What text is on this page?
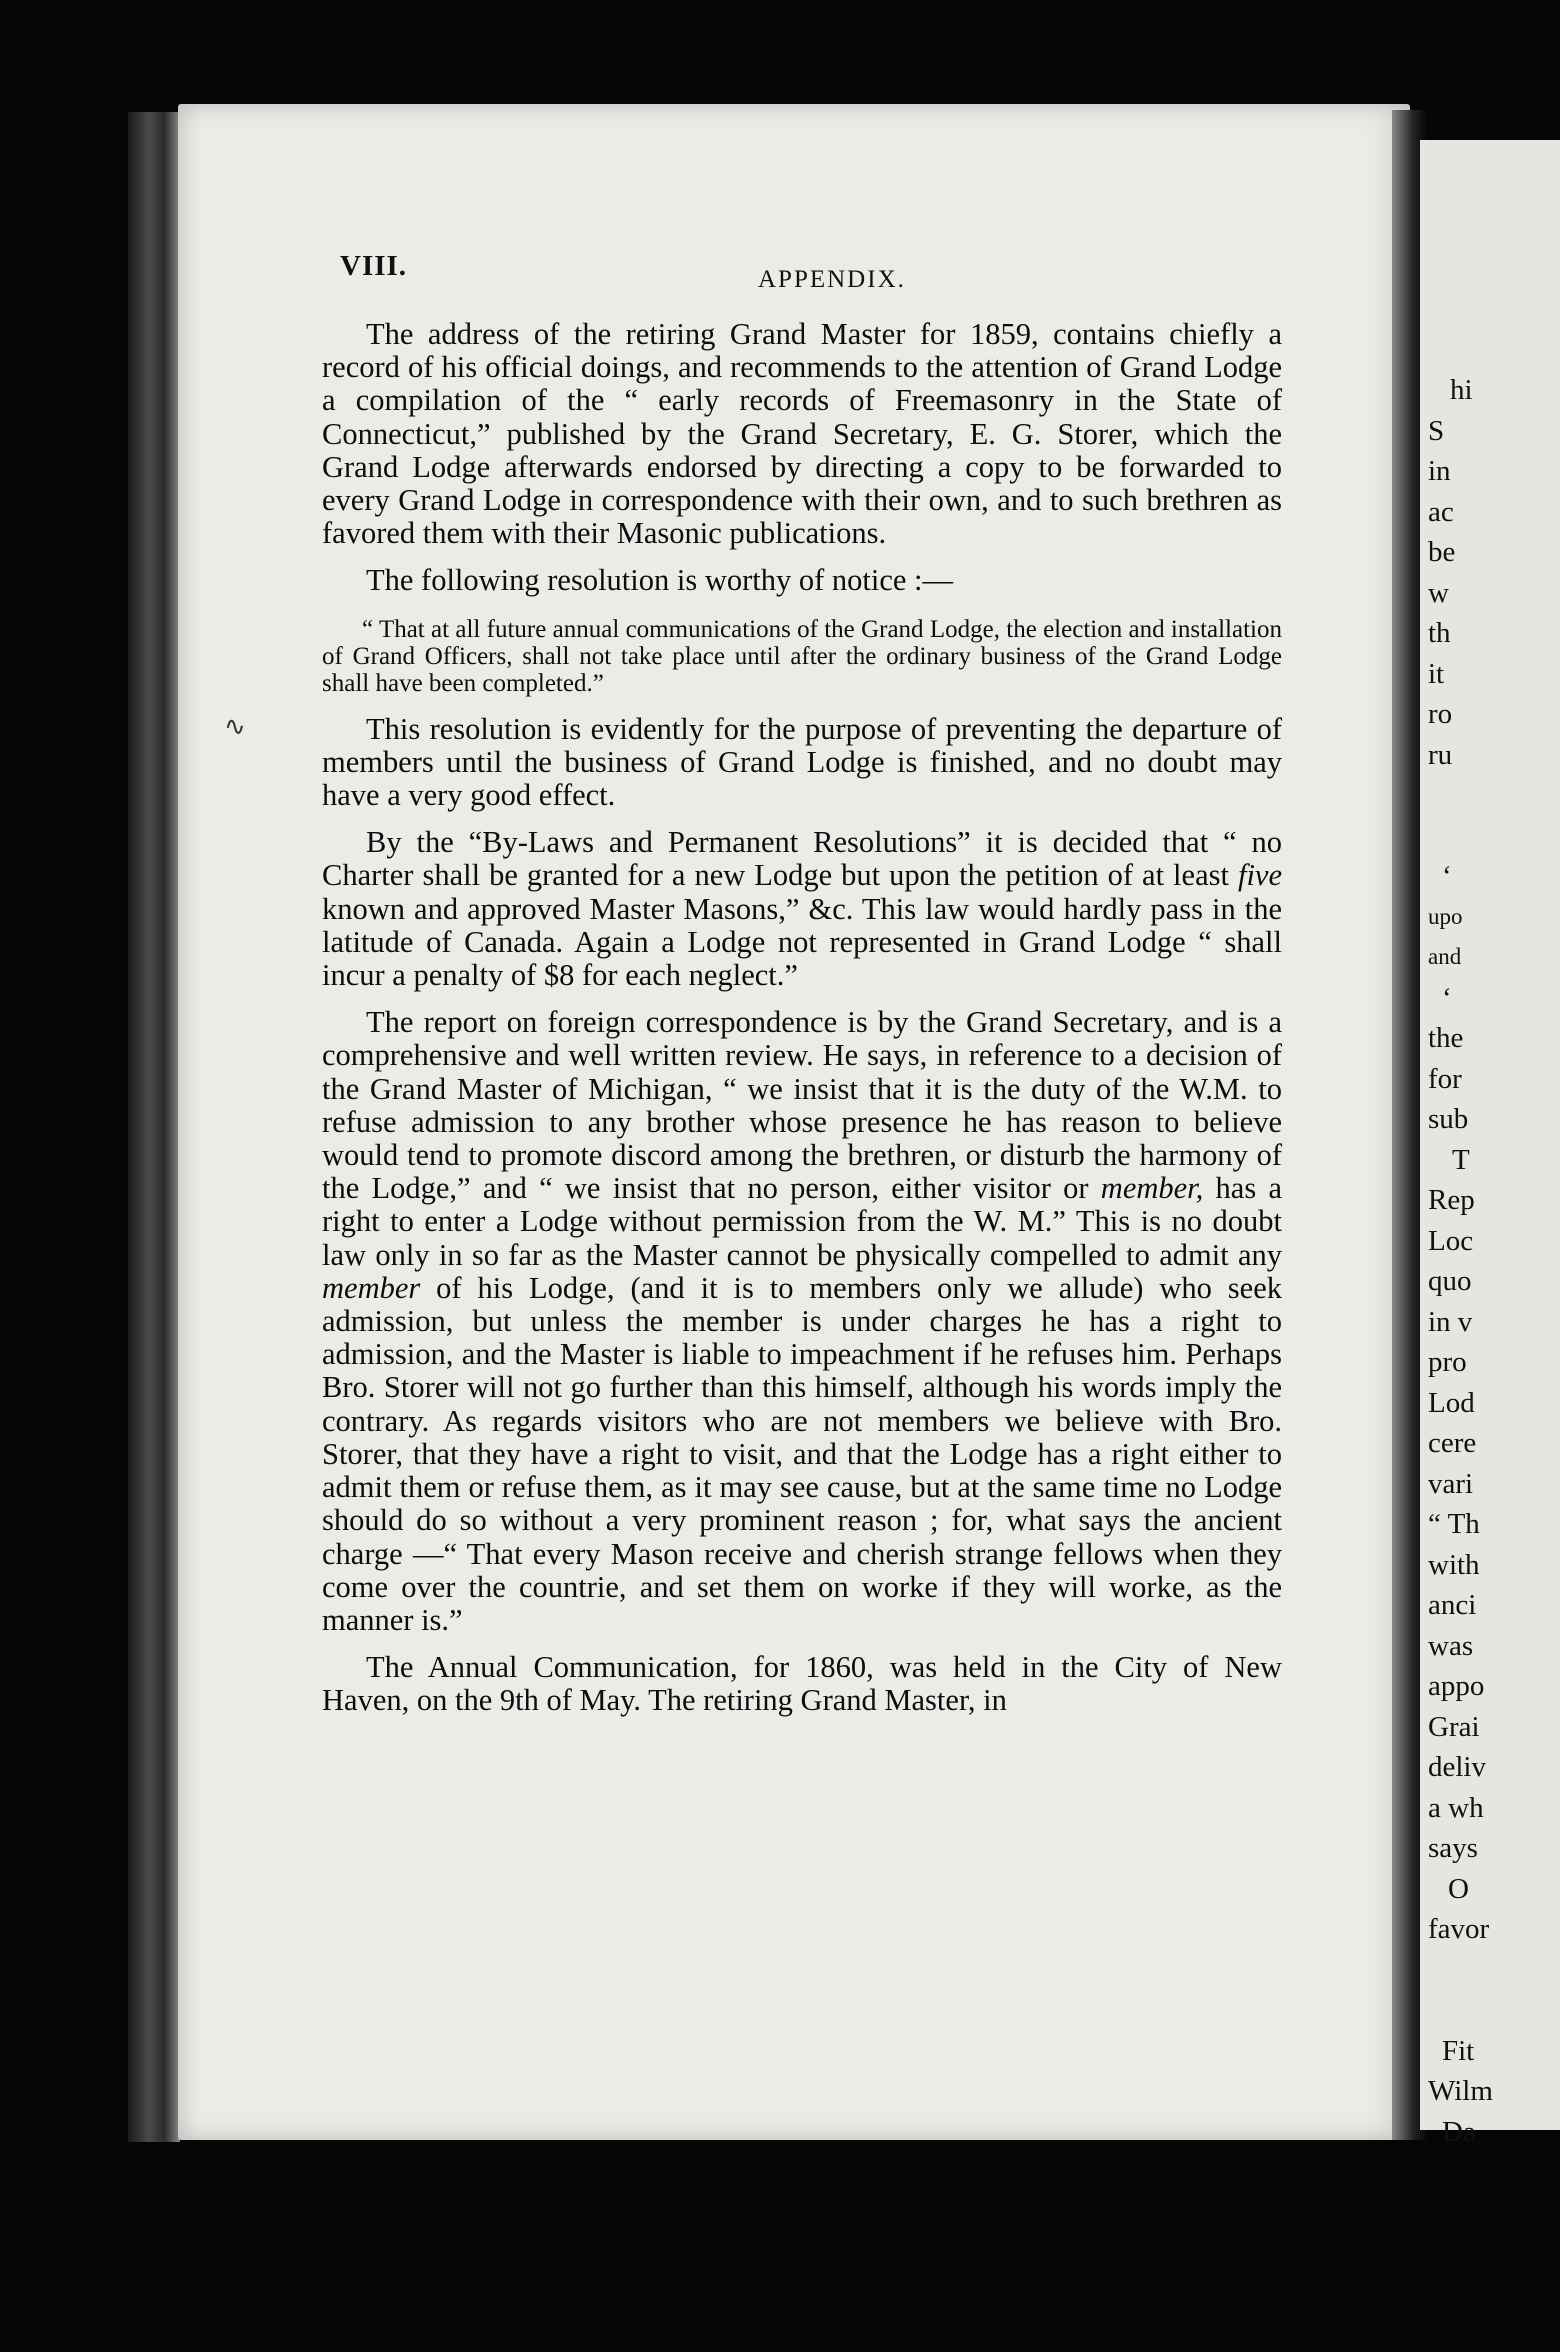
hi
S
in
ac
be
w
th
it
ro
ru
‘
upo
and
‘
the
for
sub
T
Rep
Loc
quo
in v
pro
Lod
cere
vari
“ Th
with
anci
was
appo
Grai
deliv
a wh
says
O
favor
Fit
Wilm
Da
VIII.	APPENDIX.

The address of the retiring Grand Master for 1859, contains chiefly a record of his official doings, and recommends to the attention of Grand Lodge a compilation of the “ early records of Freemasonry in the State of Connecticut,” published by the Grand Secretary, E. G. Storer, which the Grand Lodge afterwards endorsed by directing a copy to be forwarded to every Grand Lodge in correspondence with their own, and to such brethren as favored them with their Masonic publications.

The following resolution is worthy of notice :—

“ That at all future annual communications of the Grand Lodge, the election and installation of Grand Officers, shall not take place until after the ordinary business of the Grand Lodge shall have been completed.”

This resolution is evidently for the purpose of preventing the departure of members until the business of Grand Lodge is finished, and no doubt may have a very good effect.

By the “By-Laws and Permanent Resolutions” it is decided that “ no Charter shall be granted for a new Lodge but upon the petition of at least five known and approved Master Masons,” &c. This law would hardly pass in the latitude of Canada. Again a Lodge not represented in Grand Lodge “ shall incur a penalty of $8 for each neglect.”

The report on foreign correspondence is by the Grand Secretary, and is a comprehensive and well written review. He says, in reference to a decision of the Grand Master of Michigan, “ we insist that it is the duty of the W.M. to refuse admission to any brother whose presence he has reason to believe would tend to promote discord among the brethren, or disturb the harmony of the Lodge,” and “ we insist that no person, either visitor or member, has a right to enter a Lodge without permission from the W. M.” This is no doubt law only in so far as the Master cannot be physically compelled to admit any member of his Lodge, (and it is to members only we allude) who seek admission, but unless the member is under charges he has a right to admission, and the Master is liable to impeachment if he refuses him. Perhaps Bro. Storer will not go further than this himself, although his words imply the contrary. As regards visitors who are not members we believe with Bro. Storer, that they have a right to visit, and that the Lodge has a right either to admit them or refuse them, as it may see cause, but at the same time no Lodge should do so without a very prominent reason ; for, what says the ancient charge —“ That every Mason receive and cherish strange fellows when they come over the countrie, and set them on worke if they will worke, as the manner is.”

The Annual Communication, for 1860, was held in the City of New Haven, on the 9th of May. The retiring Grand Master, in

∿
